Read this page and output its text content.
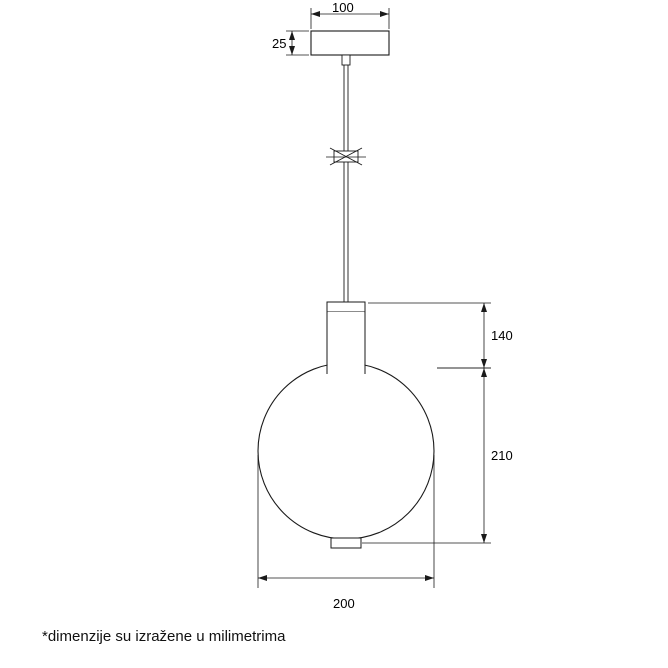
100
25
140
210
200
*dimenzije su izražene u milimetrima
